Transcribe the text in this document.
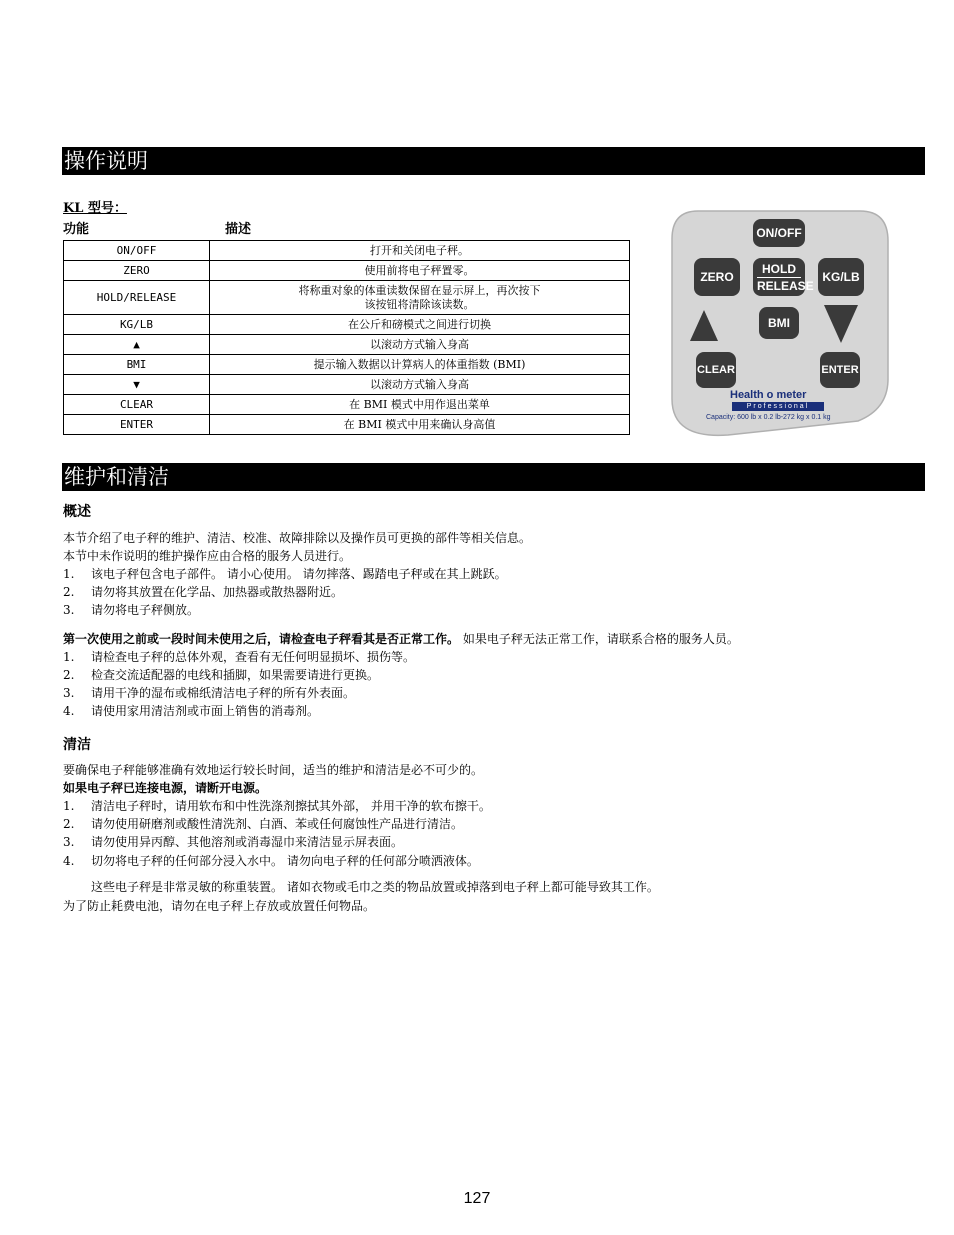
操作说明
KL 型号：
功能	描述
ON/OFF	打开和关闭电子秤。
ZERO	使用前将电子秤置零。
HOLD/RELEASE	将称重对象的体重读数保留在显示屏上，再次按下
该按钮将清除该读数。
KG/LB	在公斤和磅模式之间进行切换
▲	以滚动方式输入身高
BMI	提示输入数据以计算病人的体重指数 (BMI)
▼	以滚动方式输入身高
CLEAR	在 BMI 模式中用作退出菜单
ENTER	在 BMI 模式中用来确认身高值
ON/OFF
ZERO
HOLD
RELEASE
KG/LB
BMI
CLEAR	ENTER
Health o meter
Professional
Capacity: 600 lb x 0.2 lb-272 kg x 0.1 kg
维护和清洁
概述
本节介绍了电子秤的维护、清洁、校准、故障排除以及操作员可更换的部件等相关信息。
本节中未作说明的维护操作应由合格的服务人员进行。
1. 该电子秤包含电子部件。 请小心使用。 请勿摔落、踢踏电子秤或在其上跳跃。
2. 请勿将其放置在化学品、加热器或散热器附近。
3. 请勿将电子秤侧放。
第一次使用之前或一段时间未使用之后，请检查电子秤看其是否正常工作。 如果电子秤无法正常工作，请联系合格的服务人员。
1. 请检查电子秤的总体外观，查看有无任何明显损坏、损伤等。
2. 检查交流适配器的电线和插脚，如果需要请进行更换。
3. 请用干净的湿布或棉纸清洁电子秤的所有外表面。
4. 请使用家用清洁剂或市面上销售的消毒剂。
清洁
要确保电子秤能够准确有效地运行较长时间，适当的维护和清洁是必不可少的。
如果电子秤已连接电源，请断开电源。
1. 清洁电子秤时，请用软布和中性洗涤剂擦拭其外部， 并用干净的软布擦干。
2. 请勿使用研磨剂或酸性清洗剂、白酒、苯或任何腐蚀性产品进行清洁。
3. 请勿使用异丙醇、其他溶剂或消毒湿巾来清洁显示屏表面。
4. 切勿将电子秤的任何部分浸入水中。 请勿向电子秤的任何部分喷洒液体。
这些电子秤是非常灵敏的称重装置。 诸如衣物或毛巾之类的物品放置或掉落到电子秤上都可能导致其工作。
为了防止耗费电池，请勿在电子秤上存放或放置任何物品。
127
